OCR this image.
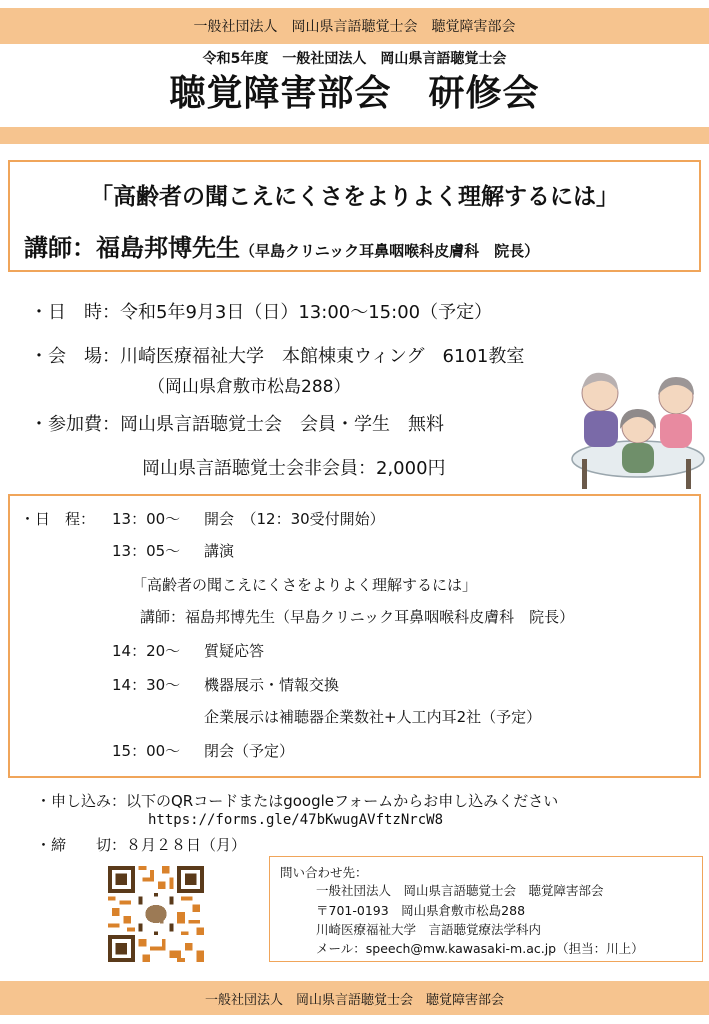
一般社団法人　岡山県言語聴覚士会　聴覚障害部会
令和5年度　一般社団法人　岡山県言語聴覚士会
聴覚障害部会　研修会
「高齢者の聞こえにくさをよりよく理解するには」
講師：福島邦博先生（早島クリニック耳鼻咽喉科皮膚科　院長）
・日　時：令和5年9月3日（日）13:00～15:00（予定）
・会　場：川崎医療福祉大学　本館棟東ウィング　6101教室
（岡山県倉敷市松島288）
・参加費：岡山県言語聴覚士会　会員・学生　無料
岡山県言語聴覚士会非会員：2,000円
・日　程： 13：00～ 開会　（12：30受付開始）
13：05～ 講演
「高齢者の聞こえにくさをよりよく理解するには」
講師：福島邦博先生（早島クリニック耳鼻咽喉科皮膚科　院長）
14：20～ 質疑応答
14：30～ 機器展示・情報交換
企業展示は補聴器企業数社+人工内耳2社（予定）
15：00～ 閉会（予定）
・申し込み：以下のQRコードまたはgoogleフォームからお申し込みください
https://forms.gle/47bKwugAVftzNrcW8
・締　　切：８月２８日（月）
問い合わせ先：
一般社団法人　岡山県言語聴覚士会　聴覚障害部会
〒701-0193　岡山県倉敷市松島288
川崎医療福祉大学　言語聴覚療法学科内
メール：speech@mw.kawasaki-m.ac.jp（担当：川上）
一般社団法人　岡山県言語聴覚士会　聴覚障害部会
